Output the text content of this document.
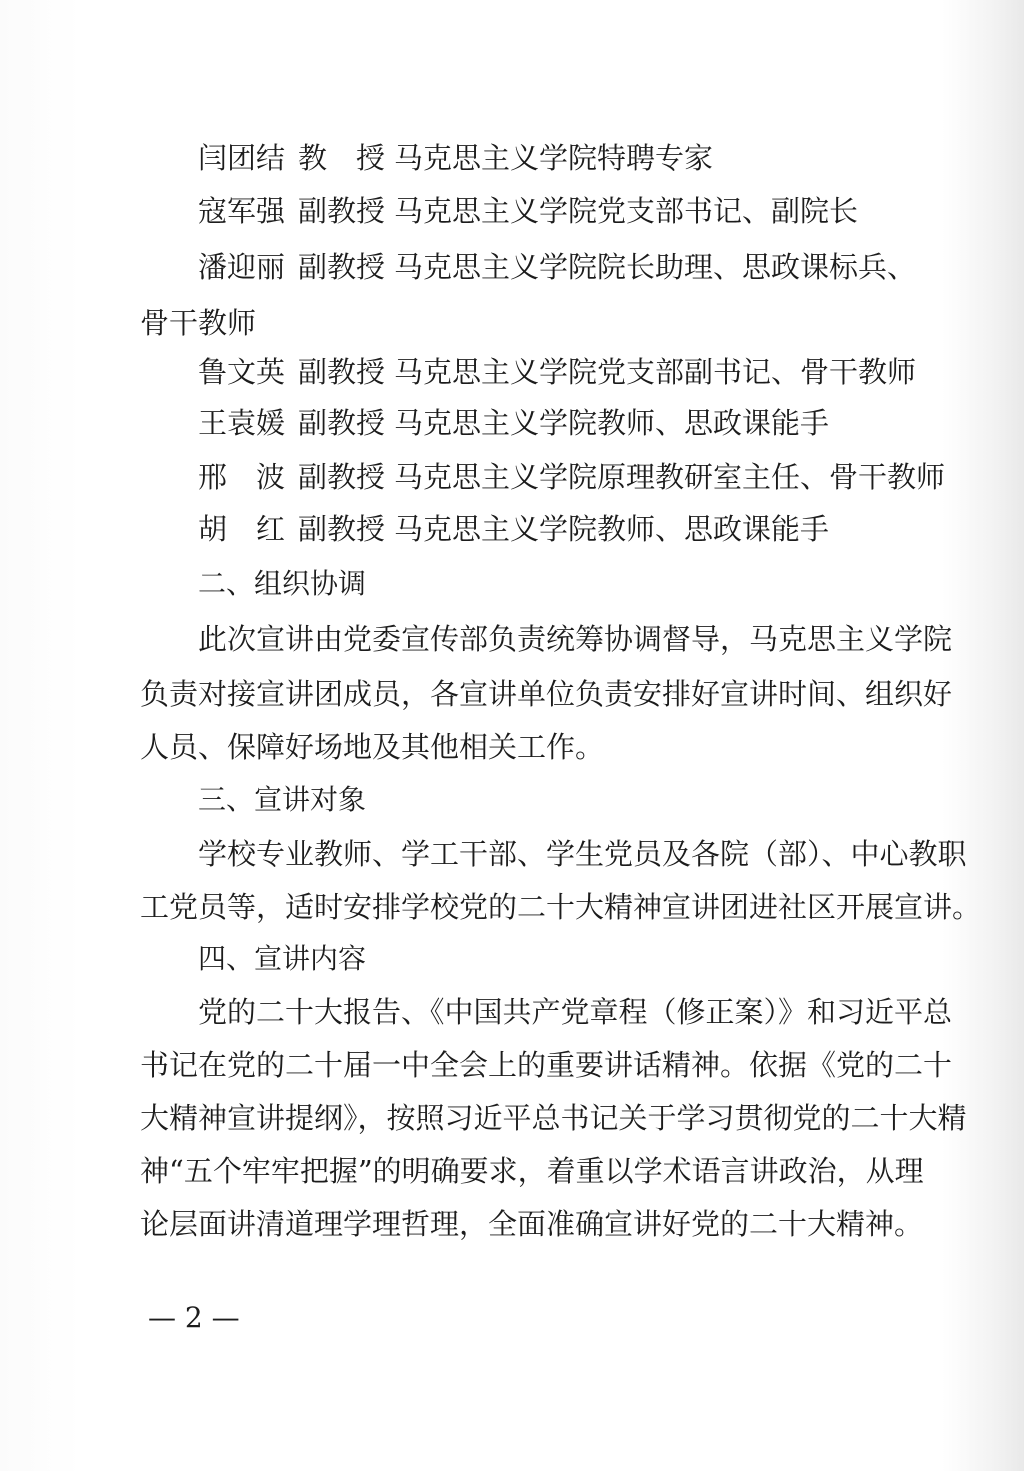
闫团结 教　授 马克思主义学院特聘专家
寇军强 副教授 马克思主义学院党支部书记、副院长
潘迎丽 副教授 马克思主义学院院长助理、思政课标兵、
骨干教师
鲁文英 副教授 马克思主义学院党支部副书记、骨干教师
王袁媛 副教授 马克思主义学院教师、思政课能手
邢　波 副教授 马克思主义学院原理教研室主任、骨干教师
胡　红 副教授 马克思主义学院教师、思政课能手
二、组织协调
此次宣讲由党委宣传部负责统筹协调督导，马克思主义学院
负责对接宣讲团成员，各宣讲单位负责安排好宣讲时间、组织好
人员、保障好场地及其他相关工作。
三、宣讲对象
学校专业教师、学工干部、学生党员及各院（部）、中心教职
工党员等，适时安排学校党的二十大精神宣讲团进社区开展宣讲。
四、宣讲内容
党的二十大报告、《中国共产党章程（修正案）》和习近平总
书记在党的二十届一中全会上的重要讲话精神。依据《党的二十
大精神宣讲提纲》，按照习近平总书记关于学习贯彻党的二十大精
神“五个牢牢把握”的明确要求，着重以学术语言讲政治，从理
论层面讲清道理学理哲理，全面准确宣讲好党的二十大精神。
— 2 —
